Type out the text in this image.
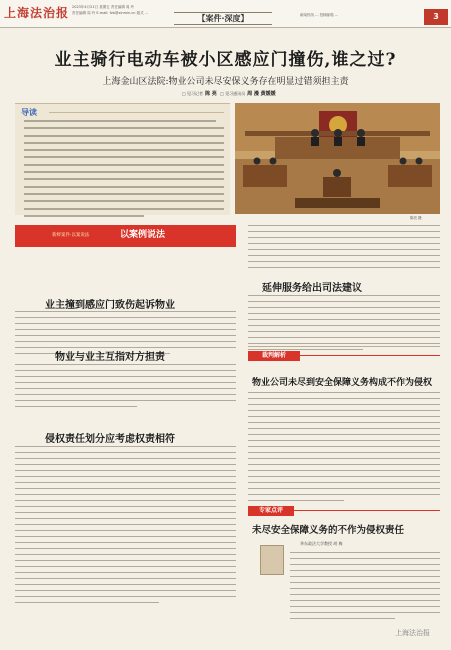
上海法治报 2023年4月21日 星期五 责任编辑 周 玲
责任编辑 周 玲 E-mail: fzb@xinmin.cn 版式 ...
【案件·深度】	新闻热线 ... 投稿邮箱 ...	3
业主骑行电动车被小区感应门撞伤,谁之过?
上海金山区法院:物业公司未尽安保义务存在明显过错须担主责
□ 见习记者 陈 亮 □ 见习通讯员 周 漫 黄媛媛
导读
陈亮 摄
新鲜案件·以案说法	以案例说法
业主撞到感应门致伤起诉物业
物业与业主互指对方担责
侵权责任划分应考虑权责相符
延伸服务给出司法建议
裁判解析
物业公司未尽到安全保障义务构成不作为侵权
专家点评
未尽安全保障义务的不作为侵权责任
华东政法大学教授 胡 梅
上海法治报
